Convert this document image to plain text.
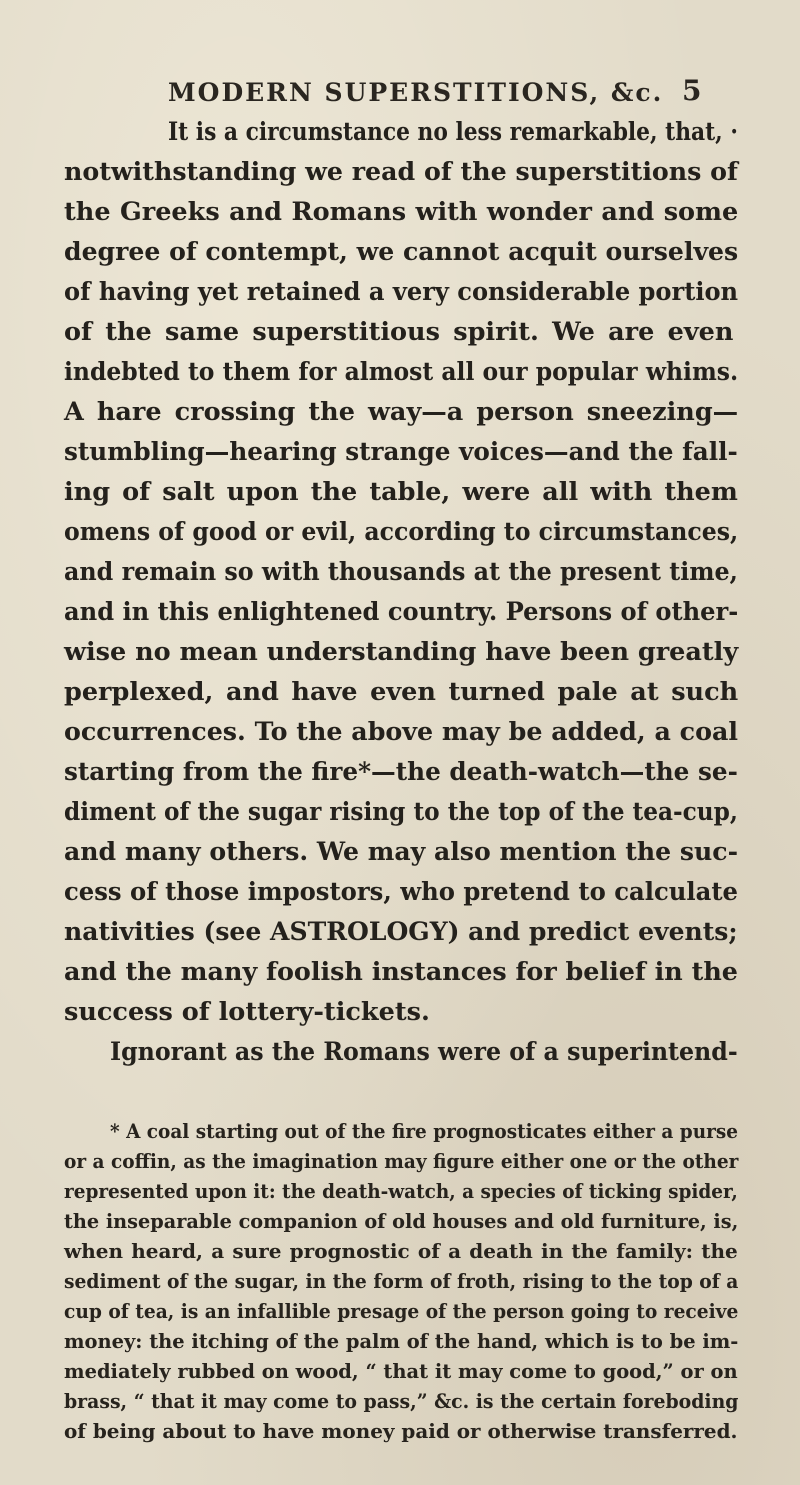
MODERN SUPERSTITIONS, &c. 5
It is a circumstance no less remarkable, that, ·
notwithstanding we read of the superstitions of
the Greeks and Romans with wonder and some
degree of contempt, we cannot acquit ourselves
of having yet retained a very considerable portion
of the same superstitious spirit. We are even
indebted to them for almost all our popular whims.
A hare crossing the way—a person sneezing—
stumbling—hearing strange voices—and the fall-
ing of salt upon the table, were all with them
omens of good or evil, according to circumstances,
and remain so with thousands at the present time,
and in this enlightened country. Persons of other-
wise no mean understanding have been greatly
perplexed, and have even turned pale at such
occurrences. To the above may be added, a coal
starting from the fire*—the death-watch—the se-
diment of the sugar rising to the top of the tea-cup,
and many others. We may also mention the suc-
cess of those impostors, who pretend to calculate
nativities (see ASTROLOGY) and predict events;
and the many foolish instances for belief in the
success of lottery-tickets.
Ignorant as the Romans were of a superintend-
* A coal starting out of the fire prognosticates either a purse
or a coffin, as the imagination may figure either one or the other
represented upon it: the death-watch, a species of ticking spider,
the inseparable companion of old houses and old furniture, is,
when heard, a sure prognostic of a death in the family: the
sediment of the sugar, in the form of froth, rising to the top of a
cup of tea, is an infallible presage of the person going to receive
money: the itching of the palm of the hand, which is to be im-
mediately rubbed on wood, “ that it may come to good,” or on
brass, “ that it may come to pass,” &c. is the certain foreboding
of being about to have money paid or otherwise transferred.
